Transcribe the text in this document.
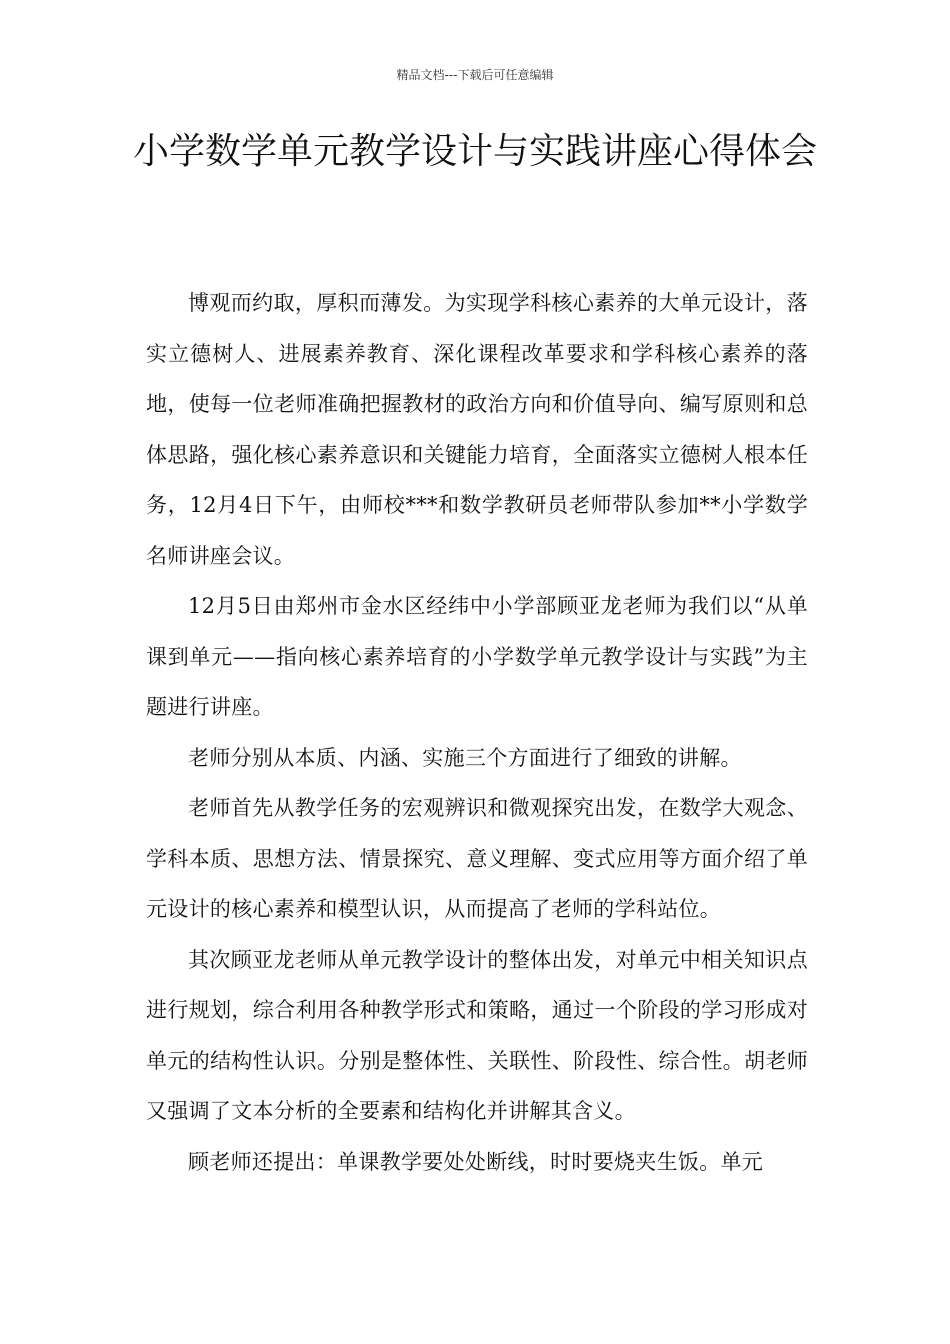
精品文档---下载后可任意编辑
小学数学单元教学设计与实践讲座心得体会

博观而约取，厚积而薄发。为实现学科核心素养的大单元设计，落实立德树人、进展素养教育、深化课程改革要求和学科核心素养的落地，使每一位老师准确把握教材的政治方向和价值导向、编写原则和总体思路，强化核心素养意识和关键能力培育，全面落实立德树人根本任务，12月4日下午，由师校***和数学教研员老师带队参加**小学数学名师讲座会议。

12月5日由郑州市金水区经纬中小学部顾亚龙老师为我们以“从单课到单元——指向核心素养培育的小学数学单元教学设计与实践”为主题进行讲座。

老师分别从本质、内涵、实施三个方面进行了细致的讲解。

老师首先从教学任务的宏观辨识和微观探究出发，在数学大观念、学科本质、思想方法、情景探究、意义理解、变式应用等方面介绍了单元设计的核心素养和模型认识，从而提高了老师的学科站位。

其次顾亚龙老师从单元教学设计的整体出发，对单元中相关知识点进行规划，综合利用各种教学形式和策略，通过一个阶段的学习形成对单元的结构性认识。分别是整体性、关联性、阶段性、综合性。胡老师又强调了文本分析的全要素和结构化并讲解其含义。

顾老师还提出：单课教学要处处断线，时时要烧夹生饭。单元
